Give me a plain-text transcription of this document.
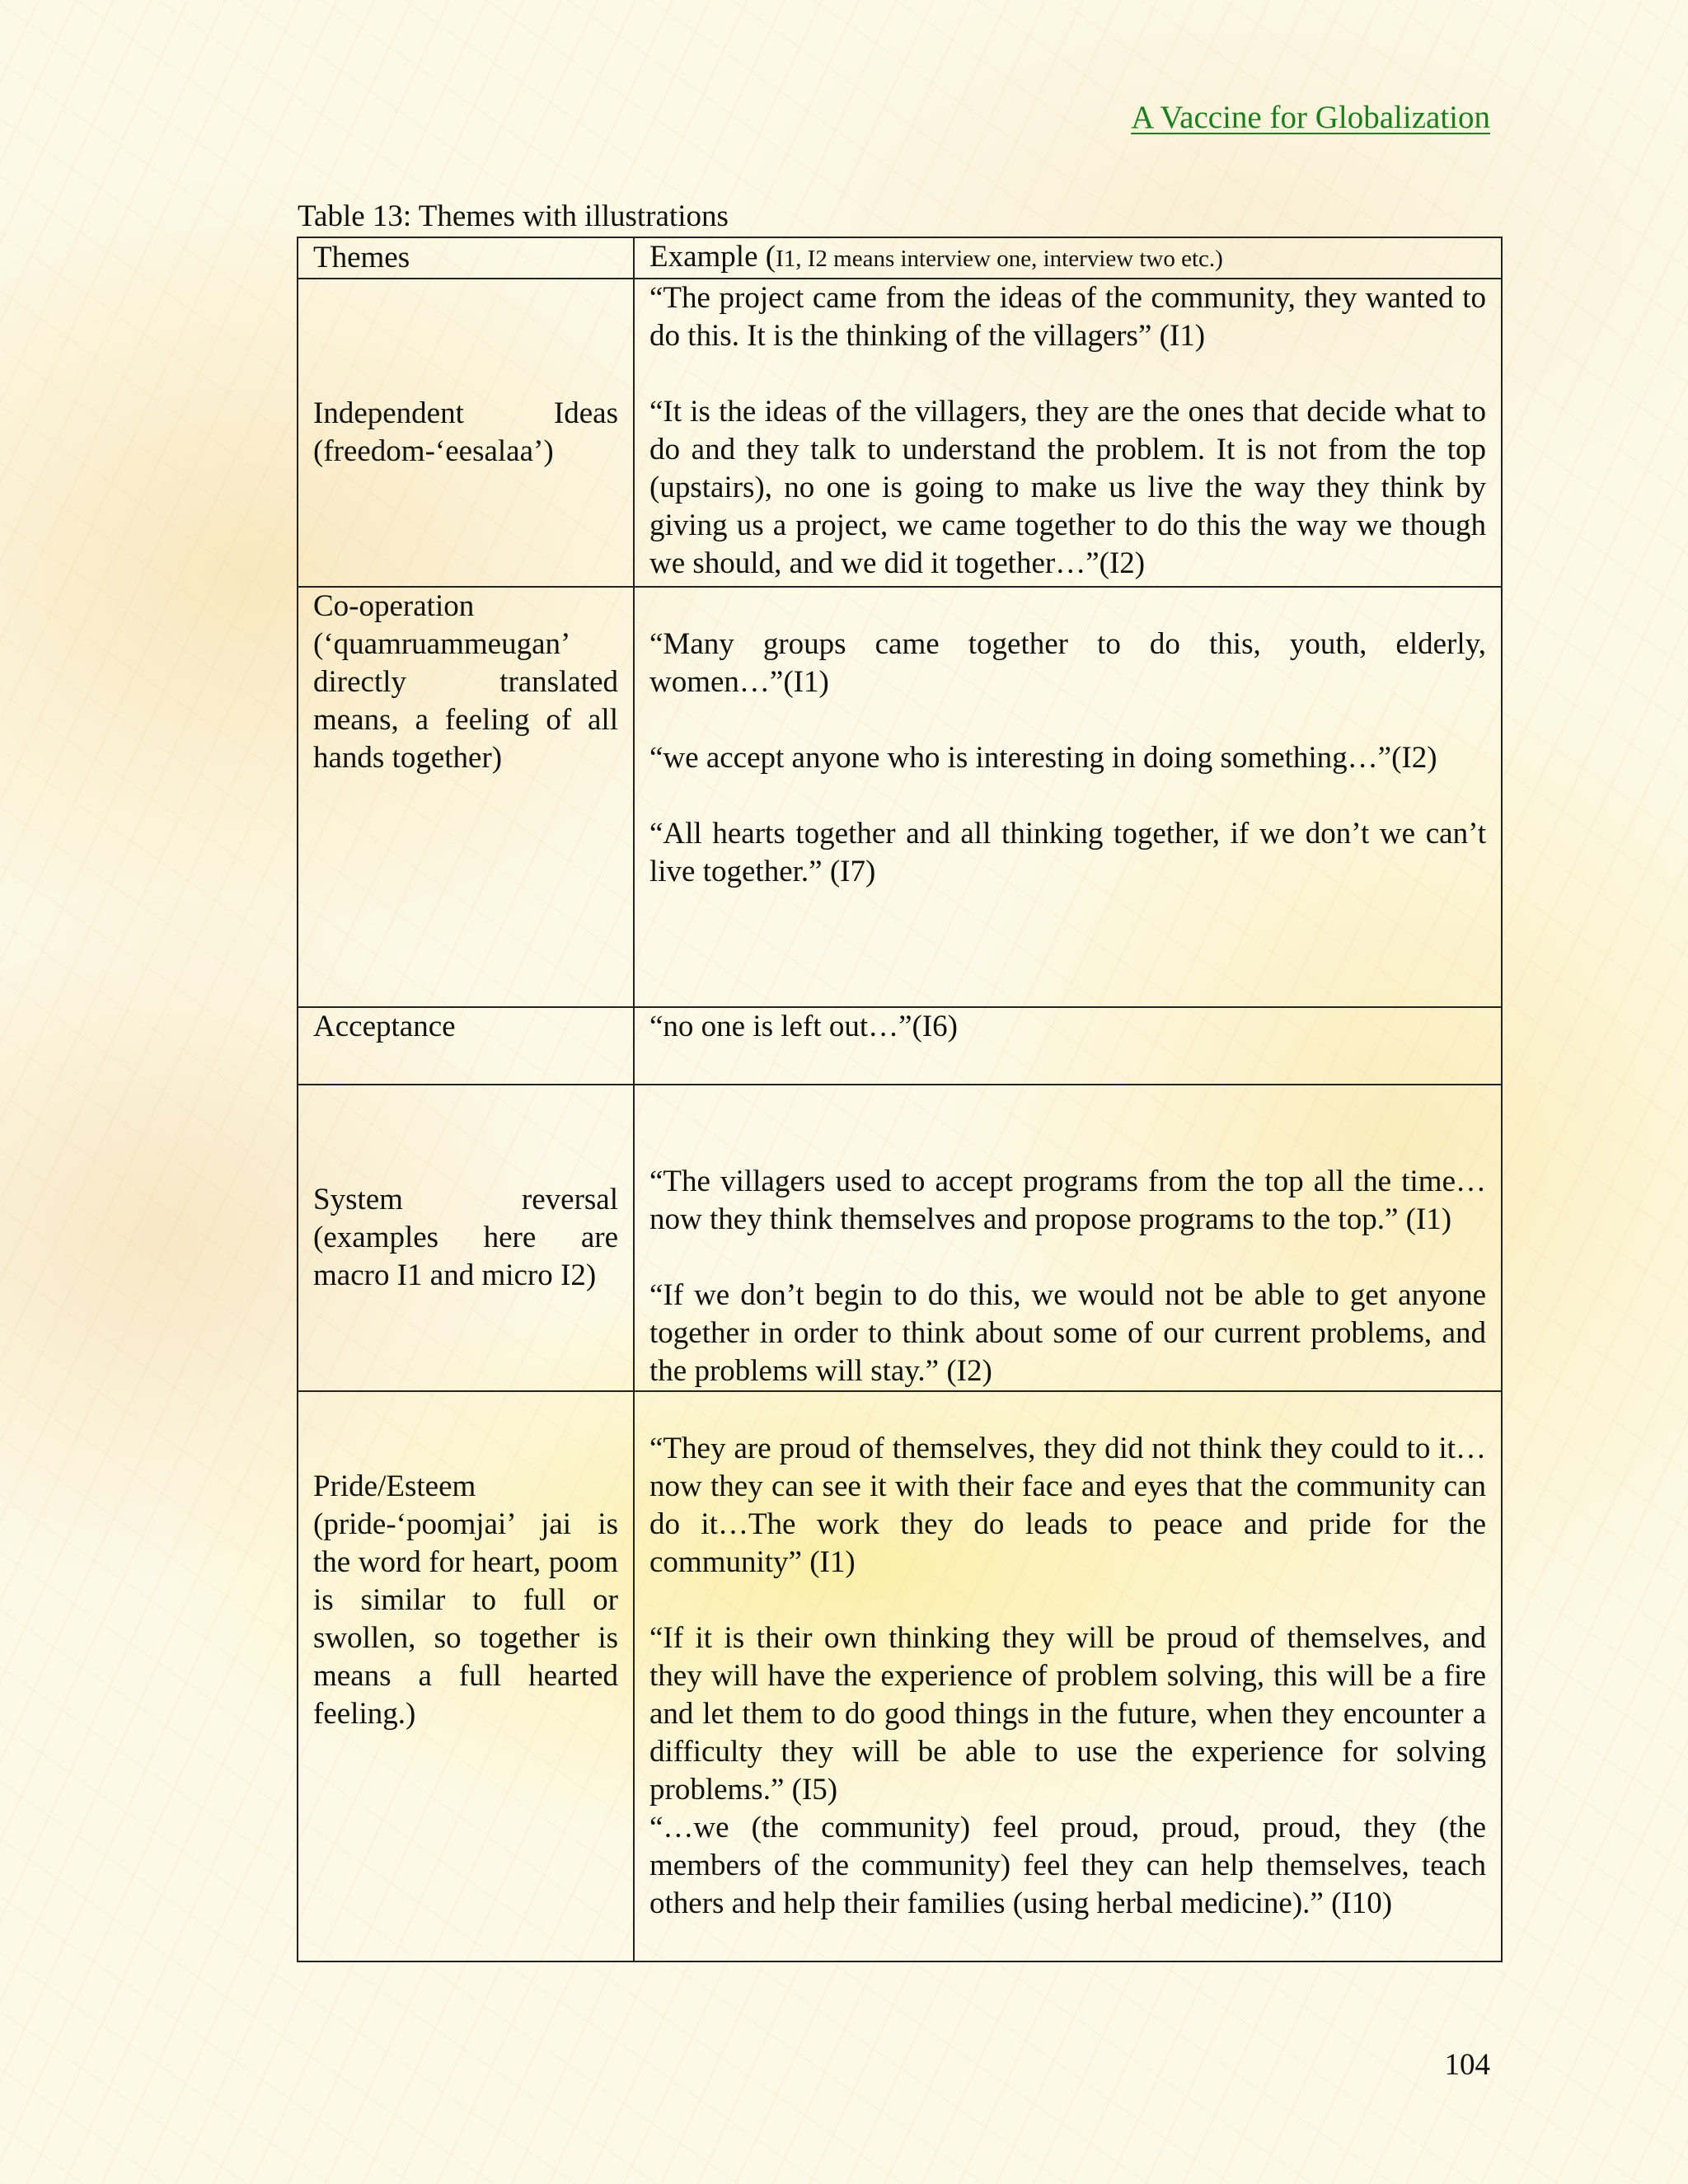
A Vaccine for Globalization
Table 13: Themes with illustrations
Themes	Example (I1, I2 means interview one, interview two etc.)
Independent Ideas (freedom-‘eesalaa’)	“The project came from the ideas of the community, they wanted to do this. It is the thinking of the villagers” (I1)

“It is the ideas of the villagers, they are the ones that decide what to do and they talk to understand the problem. It is not from the top (upstairs), no one is going to make us live the way they think by giving us a project, we came together to do this the way we though we should, and we did it together…”(I2)

Co-operation (‘quamruammeugan’ directly translated means, a feeling of all hands together)	“Many groups came together to do this, youth, elderly, women…”(I1)

“we accept anyone who is interesting in doing something…”(I2)

“All hearts together and all thinking together, if we don’t we can’t live together.” (I7)

Acceptance	“no one is left out…”(I6)

System reversal (examples here are macro I1 and micro I2)	“The villagers used to accept programs from the top all the time…now they think themselves and propose programs to the top.” (I1)

“If we don’t begin to do this, we would not be able to get anyone together in order to think about some of our current problems, and the problems will stay.” (I2)

Pride/Esteem (pride-‘poomjai’ jai is the word for heart, poom is similar to full or swollen, so together is means a full hearted feeling.)	“They are proud of themselves, they did not think they could to it…now they can see it with their face and eyes that the community can do it…The work they do leads to peace and pride for the community” (I1)

“If it is their own thinking they will be proud of themselves, and they will have the experience of problem solving, this will be a fire and let them to do good things in the future, when they encounter a difficulty they will be able to use the experience for solving problems.” (I5)

“…we (the community) feel proud, proud, proud, they (the members of the community) feel they can help themselves, teach others and help their families (using herbal medicine).” (I10)

104
